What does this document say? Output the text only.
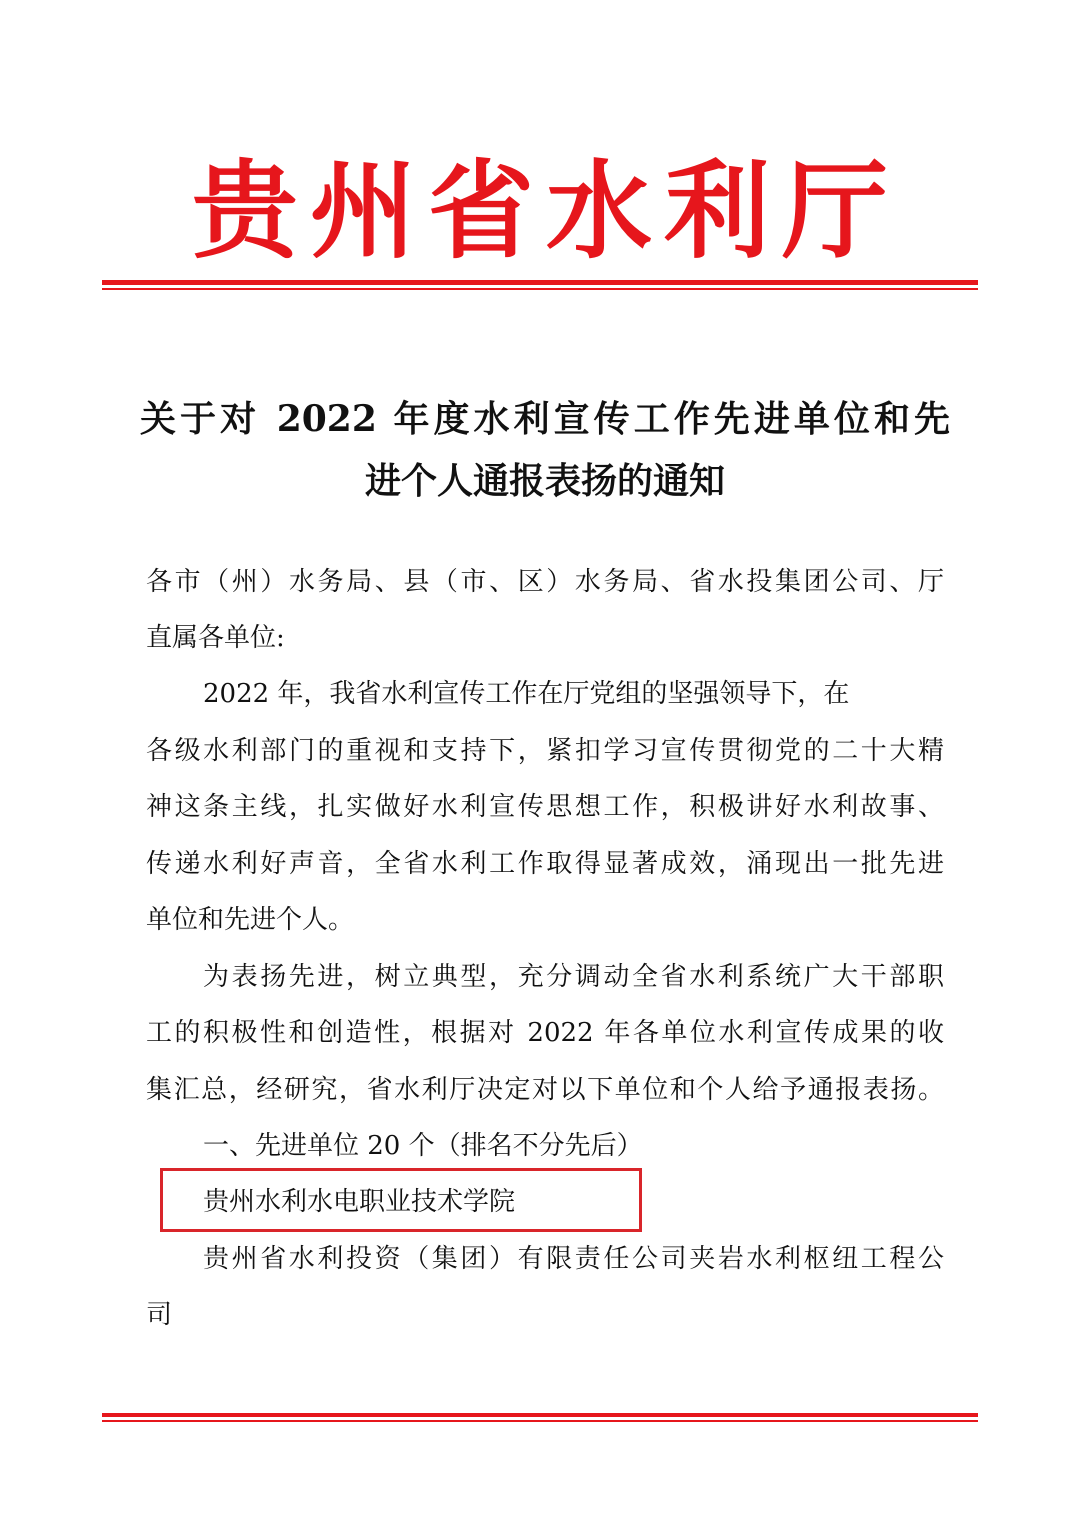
贵 州 省 水 利 厅
关于对 2022 年度水利宣传工作先进单位和先
进个人通报表扬的通知
各市（州）水务局、县（市、区）水务局、省水投集团公司、厅
直属各单位:
2022 年，我省水利宣传工作在厅党组的坚强领导下，在
各级水利部门的重视和支持下，紧扣学习宣传贯彻党的二十大精
神这条主线，扎实做好水利宣传思想工作，积极讲好水利故事、
传递水利好声音，全省水利工作取得显著成效，涌现出一批先进
单位和先进个人。
为表扬先进，树立典型，充分调动全省水利系统广大干部职
工的积极性和创造性，根据对 2022 年各单位水利宣传成果的收
集汇总，经研究，省水利厅决定对以下单位和个人给予通报表扬。
一、先进单位 20 个（排名不分先后）
贵州水利水电职业技术学院
贵州省水利投资（集团）有限责任公司夹岩水利枢纽工程公
司
